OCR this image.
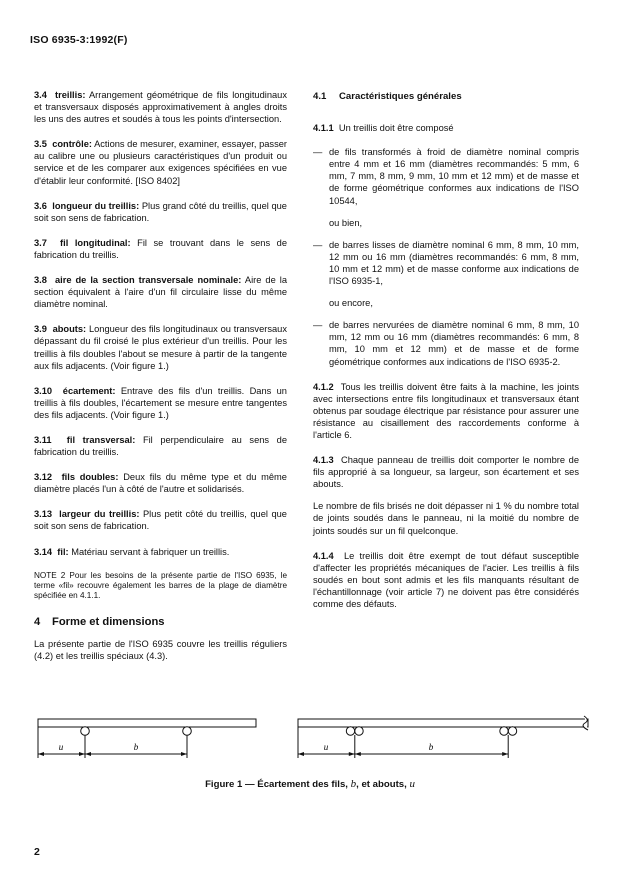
ISO 6935-3:1992(F)

3.4 treillis: Arrangement géométrique de fils longitudinaux et transversaux disposés approximativement à angles droits les uns des autres et soudés à tous les points d'intersection.

3.5 contrôle: Actions de mesurer, examiner, essayer, passer au calibre une ou plusieurs caractéristiques d'un produit ou service et de les comparer aux exigences spécifiées en vue d'établir leur conformité. [ISO 8402]

3.6 longueur du treillis: Plus grand côté du treillis, quel que soit son sens de fabrication.

3.7 fil longitudinal: Fil se trouvant dans le sens de fabrication du treillis.

3.8 aire de la section transversale nominale: Aire de la section équivalent à l'aire d'un fil circulaire lisse du même diamètre nominal.

3.9 abouts: Longueur des fils longitudinaux ou transversaux dépassant du fil croisé le plus extérieur d'un treillis. Pour les treillis à fils doubles l'about se mesure à partir de la tangente aux fils adjacents. (Voir figure 1.)

3.10 écartement: Entrave des fils d'un treillis. Dans un treillis à fils doubles, l'écartement se mesure entre tangentes des fils adjacents. (Voir figure 1.)

3.11 fil transversal: Fil perpendiculaire au sens de fabrication du treillis.

3.12 fils doubles: Deux fils du même type et du même diamètre placés l'un à côté de l'autre et solidarisés.

3.13 largeur du treillis: Plus petit côté du treillis, quel que soit son sens de fabrication.

3.14 fil: Matériau servant à fabriquer un treillis.

NOTE 2 Pour les besoins de la présente partie de l'ISO 6935, le terme «fil» recouvre également les barres de la plage de diamètre spécifiée en 4.1.1.

4 Forme et dimensions

La présente partie de l'ISO 6935 couvre les treillis réguliers (4.2) et les treillis spéciaux (4.3).

4.1 Caractéristiques générales

4.1.1 Un treillis doit être composé

— de fils transformés à froid de diamètre nominal compris entre 4 mm et 16 mm (diamètres recommandés: 5 mm, 6 mm, 7 mm, 8 mm, 9 mm, 10 mm et 12 mm) et de masse et de forme géométrique conformes aux indications de l'ISO 10544,

ou bien,

— de barres lisses de diamètre nominal 6 mm, 8 mm, 10 mm, 12 mm ou 16 mm (diamètres recommandés: 6 mm, 8 mm, 10 mm et 12 mm) et de masse conforme aux indications de l'ISO 6935-1,

ou encore,

— de barres nervurées de diamètre nominal 6 mm, 8 mm, 10 mm, 12 mm ou 16 mm (diamètres recommandés: 6 mm, 8 mm, 10 mm et 12 mm) et de masse et de forme géométrique conformes aux indications de l'ISO 6935-2.

4.1.2 Tous les treillis doivent être faits à la machine, les joints avec intersections entre fils longitudinaux et transversaux étant obtenus par soudage électrique par résistance pour assurer une résistance au cisaillement des raccordements conforme à l'article 6.

4.1.3 Chaque panneau de treillis doit comporter le nombre de fils approprié à sa longueur, sa largeur, son écartement et ses abouts.

Le nombre de fils brisés ne doit dépasser ni 1 % du nombre total de joints soudés dans le panneau, ni la moitié du nombre de joints soudés sur un fil quelconque.

4.1.4 Le treillis doit être exempt de tout défaut susceptible d'affecter les propriétés mécaniques de l'acier. Les treillis à fils soudés en bout sont admis et les fils manquants résultant de l'échantillonnage (voir article 7) ne doivent pas être considérés comme des défauts.

u	b	u	b
Figure 1 — Écartement des fils, b, et abouts, u
2
